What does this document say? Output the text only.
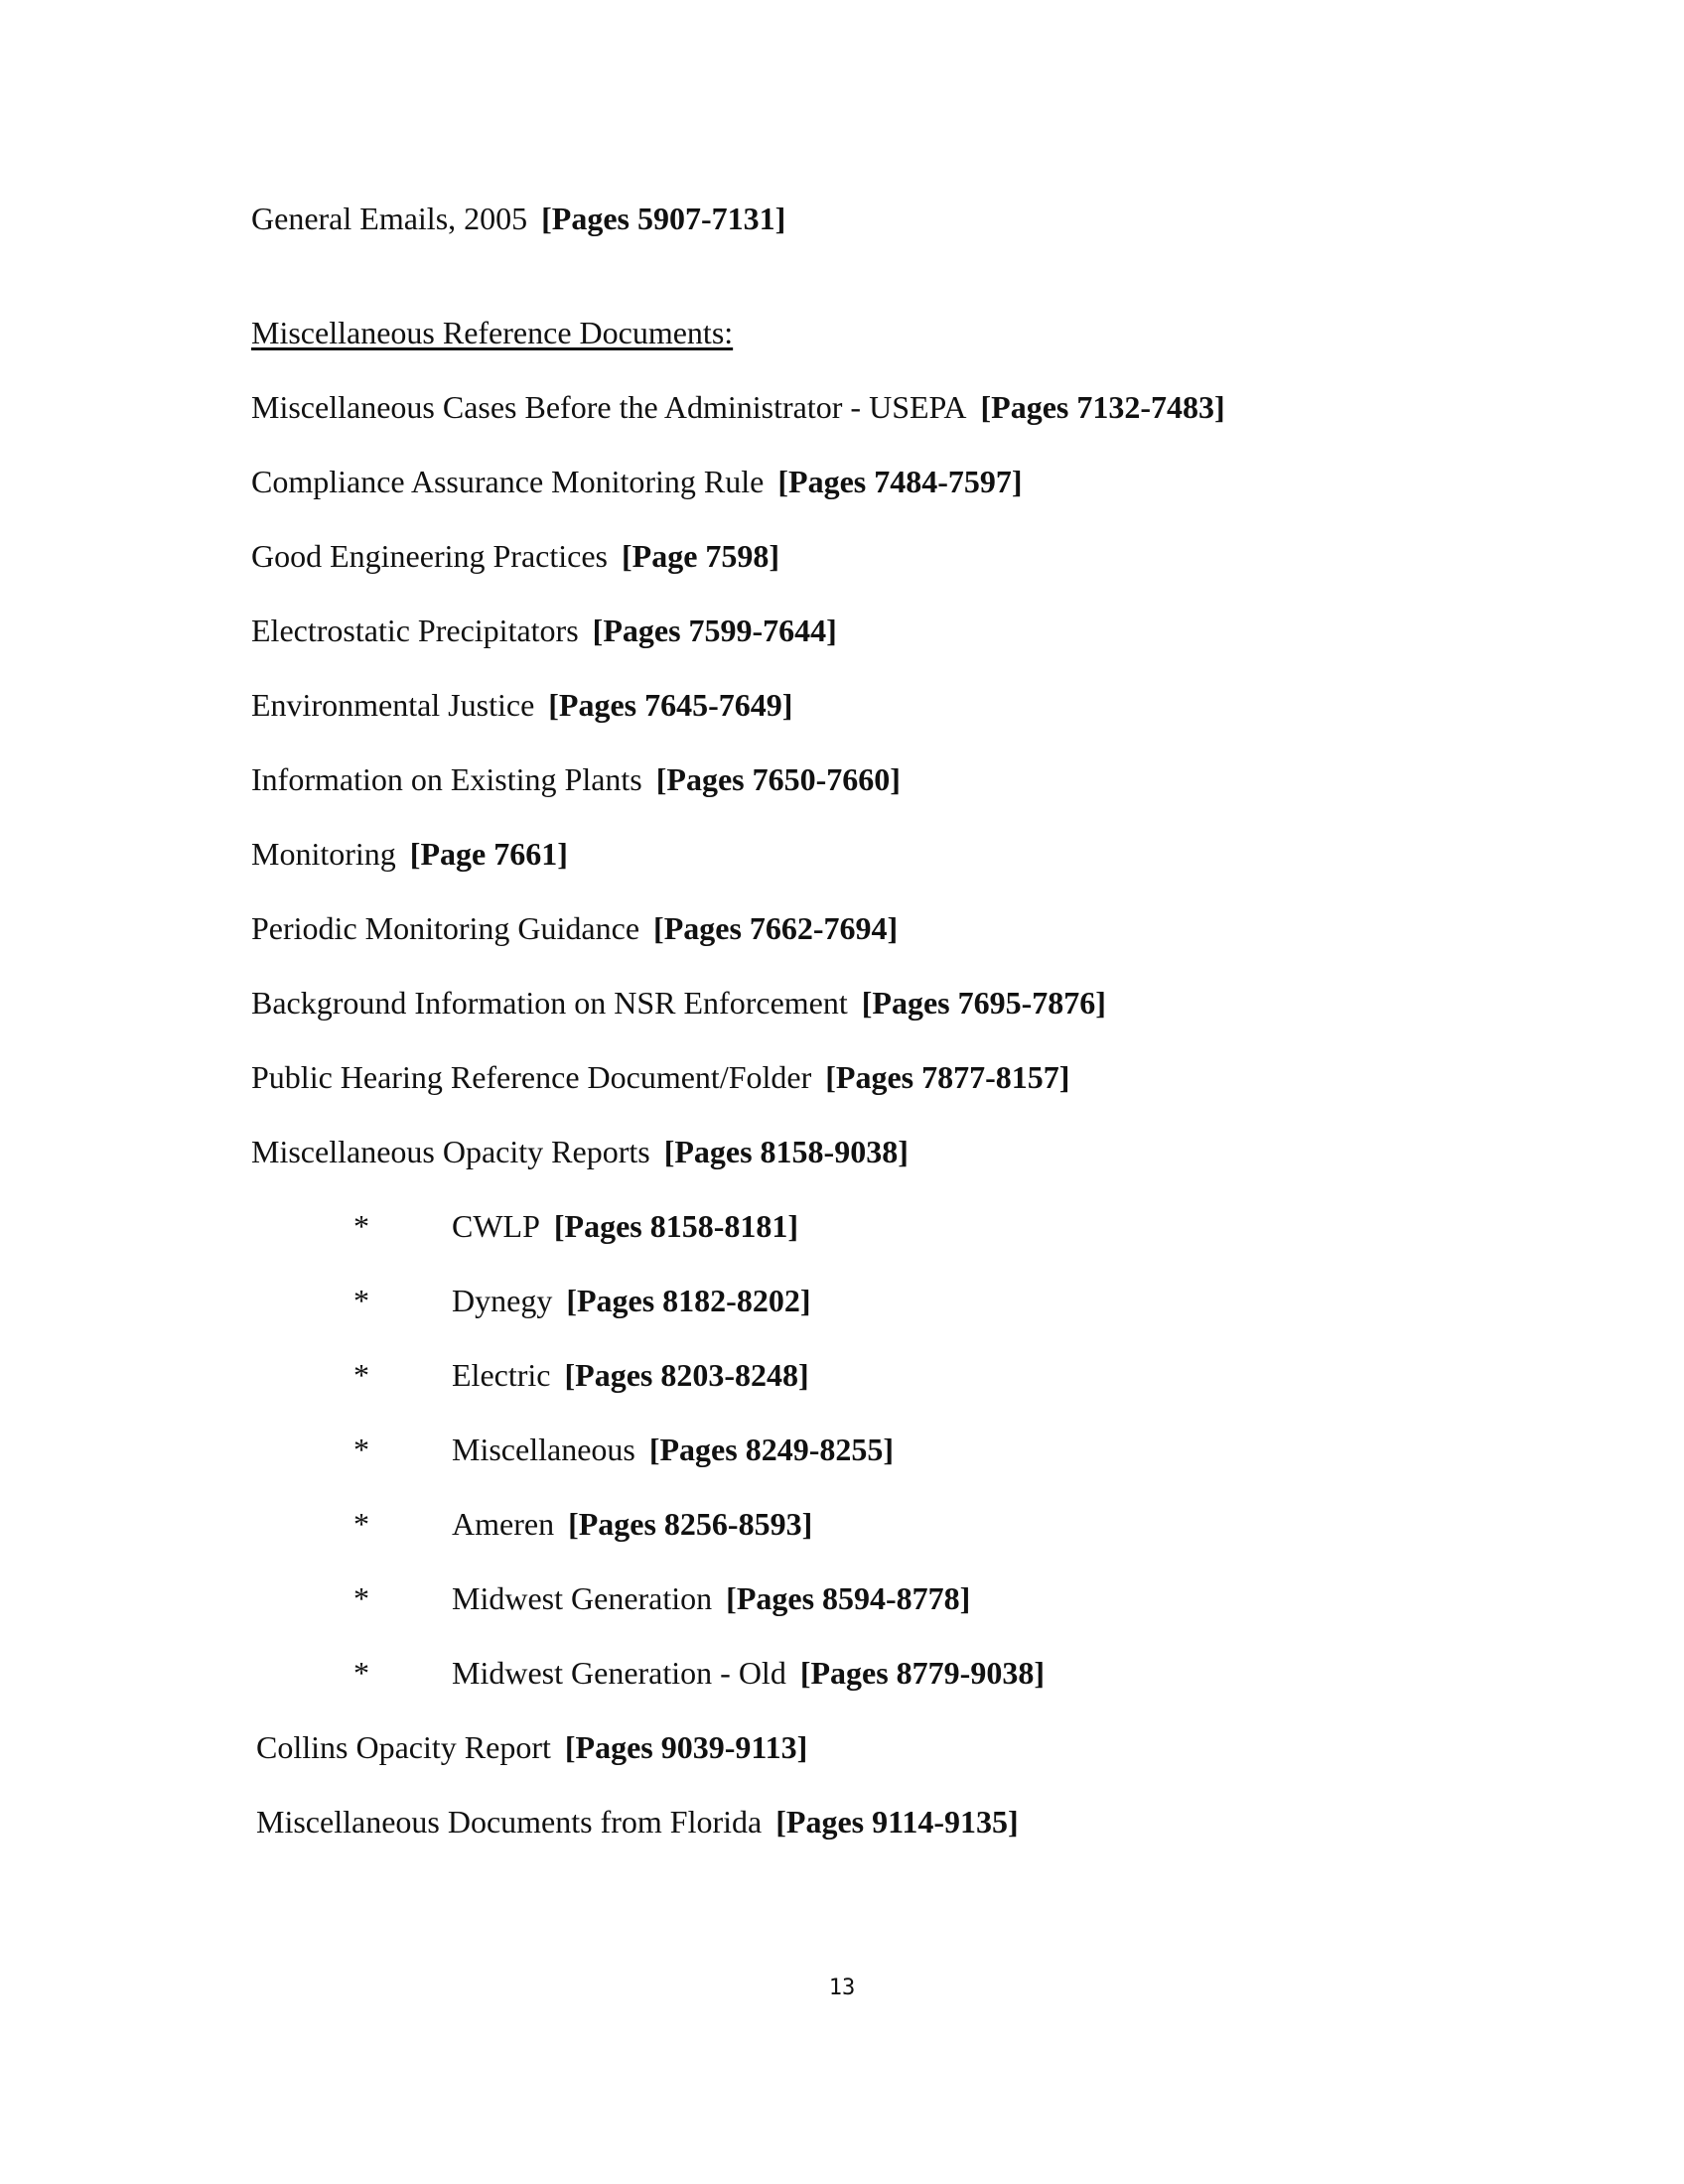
General Emails, 2005 [Pages 5907-7131]
Miscellaneous Reference Documents:
Miscellaneous Cases Before the Administrator - USEPA [Pages 7132-7483]
Compliance Assurance Monitoring Rule [Pages 7484-7597]
Good Engineering Practices [Page 7598]
Electrostatic Precipitators [Pages 7599-7644]
Environmental Justice [Pages 7645-7649]
Information on Existing Plants [Pages 7650-7660]
Monitoring [Page 7661]
Periodic Monitoring Guidance [Pages 7662-7694]
Background Information on NSR Enforcement [Pages 7695-7876]
Public Hearing Reference Document/Folder [Pages 7877-8157]
Miscellaneous Opacity Reports [Pages 8158-9038]
*	CWLP [Pages 8158-8181]
*	Dynegy [Pages 8182-8202]
*	Electric [Pages 8203-8248]
*	Miscellaneous [Pages 8249-8255]
*	Ameren [Pages 8256-8593]
*	Midwest Generation [Pages 8594-8778]
*	Midwest Generation - Old [Pages 8779-9038]
Collins Opacity Report [Pages 9039-9113]
Miscellaneous Documents from Florida [Pages 9114-9135]
13
